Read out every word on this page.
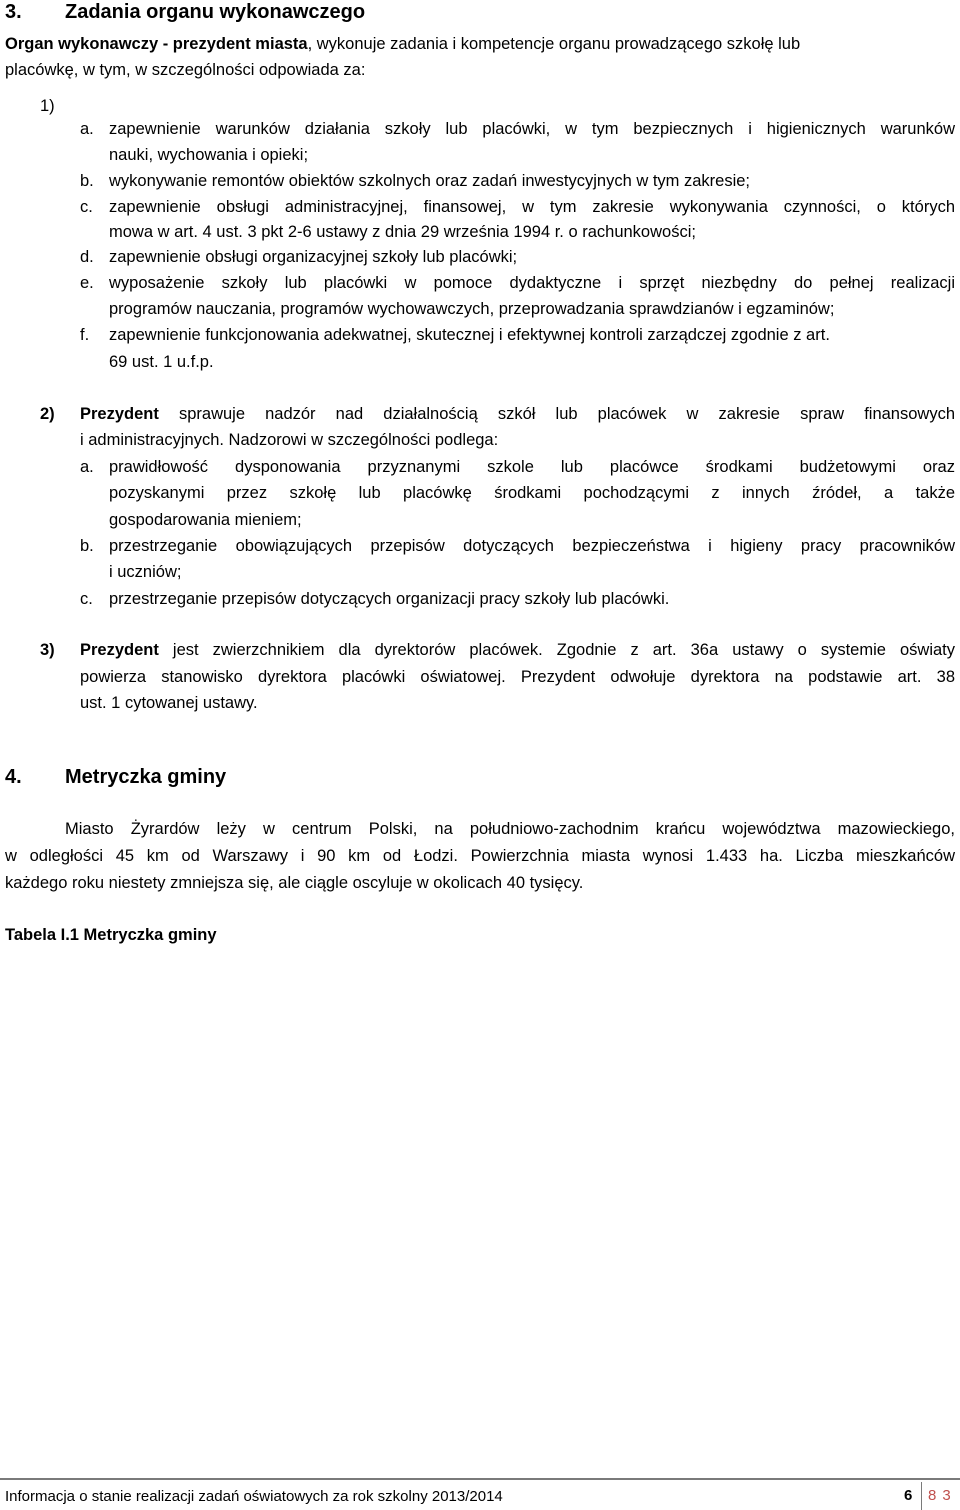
3. Zadania organu wykonawczego
Organ wykonawczy - prezydent miasta, wykonuje zadania i kompetencje organu prowadzącego szkołę lub
placówkę, w tym, w szczególności odpowiada za:
1)
a. zapewnienie warunków działania szkoły lub placówki, w tym bezpiecznych i higienicznych warunków
nauki, wychowania i opieki;
b. wykonywanie remontów obiektów szkolnych oraz zadań inwestycyjnych w tym zakresie;
c. zapewnienie obsługi administracyjnej, finansowej, w tym zakresie wykonywania czynności, o których
mowa w art. 4 ust. 3 pkt 2-6 ustawy z dnia 29 września 1994 r. o rachunkowości;
d. zapewnienie obsługi organizacyjnej szkoły lub placówki;
e. wyposażenie szkoły lub placówki w pomoce dydaktyczne i sprzęt niezbędny do pełnej realizacji
programów nauczania, programów wychowawczych, przeprowadzania sprawdzianów i egzaminów;
f. zapewnienie funkcjonowania adekwatnej, skutecznej i efektywnej kontroli zarządczej zgodnie z art.
69 ust. 1 u.f.p.
2) Prezydent sprawuje nadzór nad działalnością szkół lub placówek w zakresie spraw finansowych
i administracyjnych. Nadzorowi w szczególności podlega:
a. prawidłowość dysponowania przyznanymi szkole lub placówce środkami budżetowymi oraz
pozyskanymi przez szkołę lub placówkę środkami pochodzącymi z innych źródeł, a także
gospodarowania mieniem;
b. przestrzeganie obowiązujących przepisów dotyczących bezpieczeństwa i higieny pracy pracowników
i uczniów;
c. przestrzeganie przepisów dotyczących organizacji pracy szkoły lub placówki.
3) Prezydent jest zwierzchnikiem dla dyrektorów placówek. Zgodnie z art. 36a ustawy o systemie oświaty
powierza stanowisko dyrektora placówki oświatowej. Prezydent odwołuje dyrektora na podstawie art. 38
ust. 1 cytowanej ustawy.
4. Metryczka gminy
Miasto Żyrardów leży w centrum Polski, na południowo-zachodnim krańcu województwa mazowieckiego,
w odległości 45 km od Warszawy i 90 km od Łodzi. Powierzchnia miasta wynosi 1.433 ha. Liczba mieszkańców
każdego roku niestety zmniejsza się, ale ciągle oscyluje w okolicach 40 tysięcy.
Tabela I.1 Metryczka gminy
Informacja o stanie realizacji zadań oświatowych za rok szkolny 2013/2014	6 83
